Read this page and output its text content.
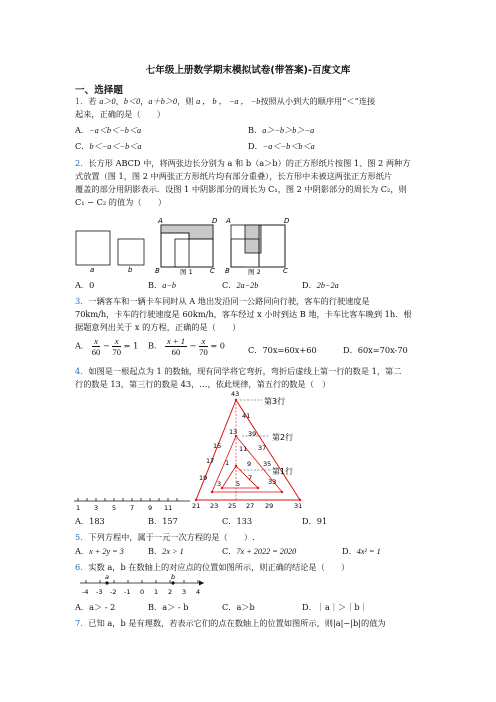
七年级上册数学期末模拟试卷(带答案)-百度文库
一、选择题
1．若 a＞0，b＜0，a＋b＞0，则 a ， b ， −a ， −b按照从小到大的顺序用“＜”连接
起来，正确的是（　　）
A．−a＜b＜−b＜a	B．a＞−b＞b＞−a
C．b＜−a＜−b＜a	D．−a＜−b＜b＜a
2．长方形 ABCD 中，将两张边长分别为 a 和 b（a＞b）的正方形纸片按图 1、图 2 两种方
式放置（图 1，图 2 中两张正方形纸片均有部分重叠），长方形中未被这两张正方形纸片
覆盖的部分用阴影表示．设图 1 中阴影部分的周长为 C₁，图 2 中阴影部分的周长为 C₂，则
C₁ − C₂ 的值为（　　）
a	b
A	D
B	C
图 1
A	D
B	C
图 2
A．0	B．a−b	C．2a−2b	D．2b−2a
3．一辆客车和一辆卡车同时从 A 地出发沿同一公路同向行驶，客车的行驶速度是
70km/h，卡车的行驶速度是 60km/h，客车经过 x 小时到达 B 地，卡车比客车晚到 1h．根
据题意列出关于 x 的方程，正确的是（　　）
A． $\frac{x}{60} - \frac{x}{70} = 1$ B． $\frac{x + 1}{60} - \frac{x}{70} = 0$	C．70x=60x+60	D．60x=70x-70
4．如图是一根起点为 1 的数轴，现有同学将它弯折，弯折后虚线上第一行的数是 1，第二
行的数是 13，第三行的数是 43，…，依此规律，第五行的数是（　）
1 3 5 7 9 11
43
41
13 39
15	11 37
17 1	9 35
19	7 33
3 5
21 23 25 27 29	31
第3行
第2行
第1行
A．183	B．157	C．133	D．91
5．下列方程中，属于一元一次方程的是（　　）.
A．x + 2y = 3	B．2x > 1	C．7x + 2022 = 2020	D．4x² = 1
6．实数 a，b 在数轴上的对应点的位置如图所示，则正确的结论是（　　）
a	b
-4 -3 -2 -1 0 1 2 3 4
A．a＞ - 2	B．a＞ - b	C．a＞b	D．｜a｜＞｜b｜
7．已知 a，b 是有理数，若表示它们的点在数轴上的位置如图所示，则|a|−|b|的值为
